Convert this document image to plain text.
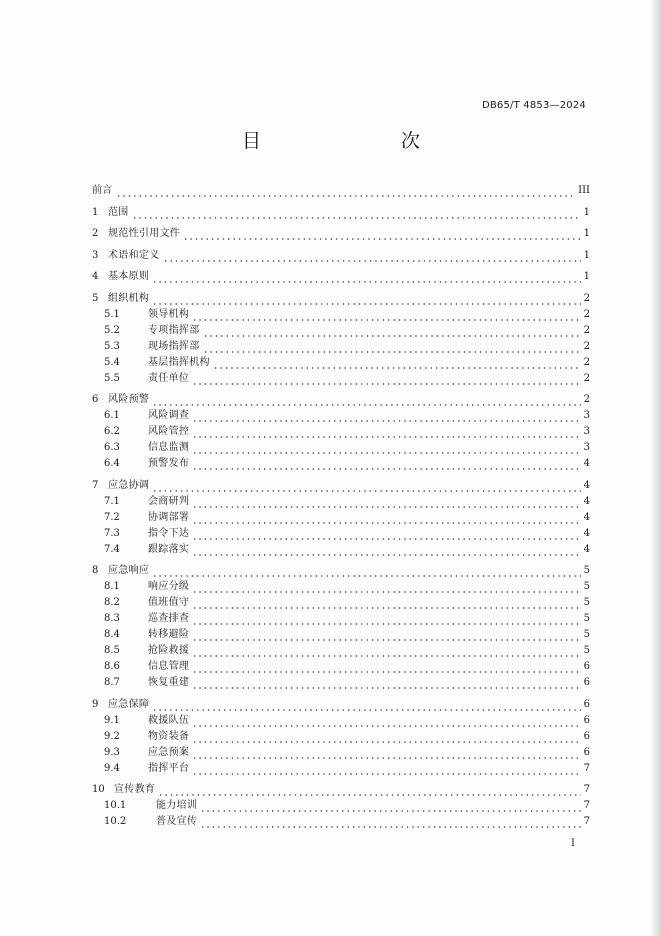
DB65/T 4853—2024
目　　次
前言	III
1 范围	1
2 规范性引用文件	1
3 术语和定义	1
4 基本原则	1
5 组织机构	2
5.1	领导机构	2
5.2	专项指挥部	2
5.3	现场指挥部	2
5.4	基层指挥机构	2
5.5	责任单位	2
6 风险预警	2
6.1	风险调查	3
6.2	风险管控	3
6.3	信息监测	3
6.4	预警发布	4
7 应急协调	4
7.1	会商研判	4
7.2	协调部署	4
7.3	指令下达	4
7.4	跟踪落实	4
8 应急响应	5
8.1	响应分级	5
8.2	值班值守	5
8.3	巡查排查	5
8.4	转移避险	5
8.5	抢险救援	5
8.6	信息管理	6
8.7	恢复重建	6
9 应急保障	6
9.1	救援队伍	6
9.2	物资装备	6
9.3	应急预案	6
9.4	指挥平台	7
10 宣传教育	7
10.1	能力培训	7
10.2	普及宣传	7
I
